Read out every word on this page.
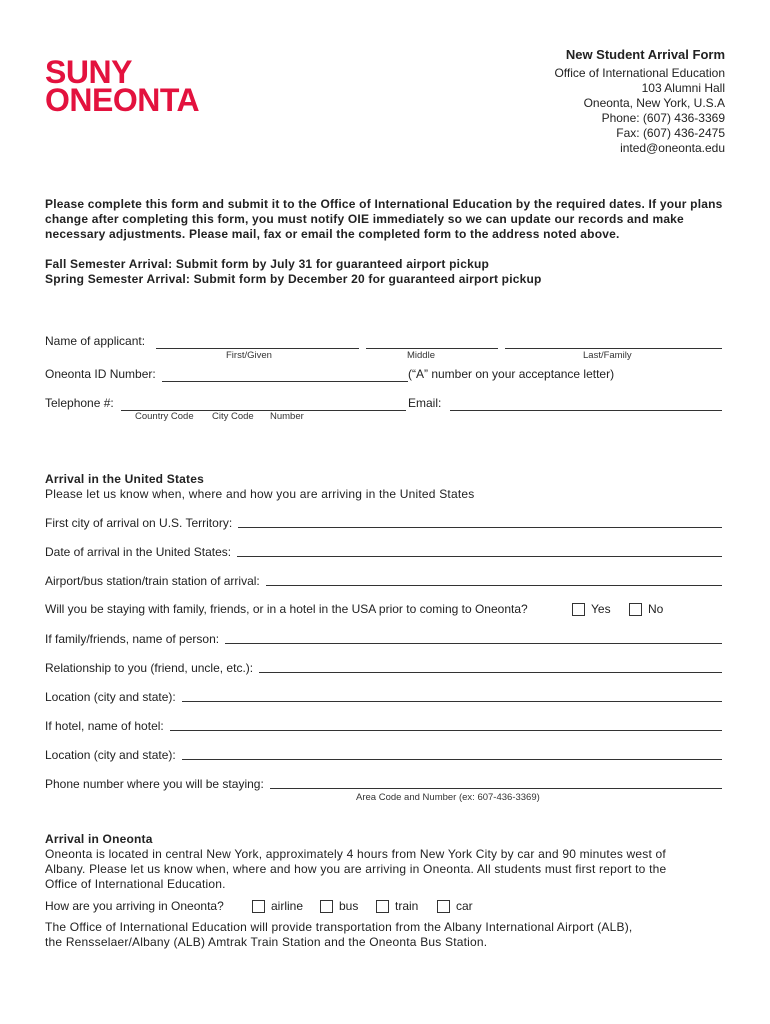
SUNY
ONEONTA
New Student Arrival Form
Office of International Education
103 Alumni Hall
Oneonta, New York, U.S.A
Phone: (607) 436-3369
Fax: (607) 436-2475
inted@oneonta.edu
Please complete this form and submit it to the Office of International Education by the required dates. If your plans change after completing this form, you must notify OIE immediately so we can update our records and make necessary adjustments. Please mail, fax or email the completed form to the address noted above.
Fall Semester Arrival: Submit form by July 31 for guaranteed airport pickup
Spring Semester Arrival: Submit form by December 20 for guaranteed airport pickup
Name of applicant:
First/Given	Middle	Last/Family
Oneonta ID Number:	(“A” number on your acceptance letter)
Telephone #:	Email:
Country Code City Code Number
Arrival in the United States
Please let us know when, where and how you are arriving in the United States
First city of arrival on U.S. Territory:
Date of arrival in the United States:
Airport/bus station/train station of arrival:
Will you be staying with family, friends, or in a hotel in the USA prior to coming to Oneonta?	Yes	No
If family/friends, name of person:
Relationship to you (friend, uncle, etc.):
Location (city and state):
If hotel, name of hotel:
Location (city and state):
Phone number where you will be staying:
Area Code and Number (ex: 607-436-3369)
Arrival in Oneonta
Oneonta is located in central New York, approximately 4 hours from New York City by car and 90 minutes west of Albany. Please let us know when, where and how you are arriving in Oneonta. All students must first report to the Office of International Education.
How are you arriving in Oneonta?	airline	bus	train	car
The Office of International Education will provide transportation from the Albany International Airport (ALB),
the Rensselaer/Albany (ALB) Amtrak Train Station and the Oneonta Bus Station.
